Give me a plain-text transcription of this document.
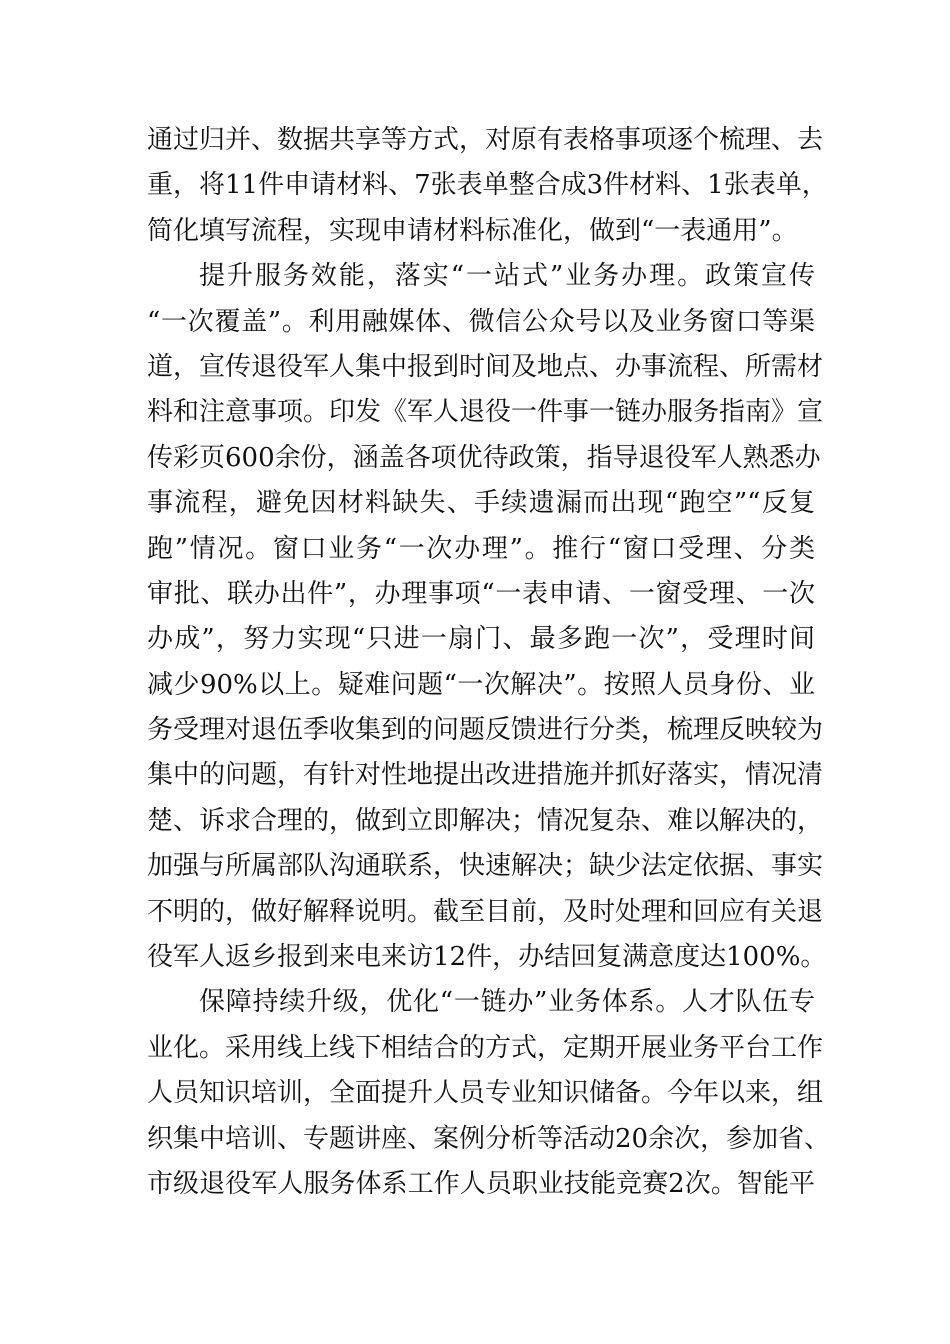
通过归并、数据共享等方式，对原有表格事项逐个梳理、去
重，将11件申请材料、7张表单整合成3件材料、1张表单，
简化填写流程，实现申请材料标准化，做到“一表通用”。
提升服务效能，落实“一站式”业务办理。政策宣传
“一次覆盖”。利用融媒体、微信公众号以及业务窗口等渠
道，宣传退役军人集中报到时间及地点、办事流程、所需材
料和注意事项。印发《军人退役一件事一链办服务指南》宣
传彩页600余份，涵盖各项优待政策，指导退役军人熟悉办
事流程，避免因材料缺失、手续遗漏而出现“跑空”“反复
跑”情况。窗口业务“一次办理”。推行“窗口受理、分类
审批、联办出件”，办理事项“一表申请、一窗受理、一次
办成”，努力实现“只进一扇门、最多跑一次”，受理时间
减少90%以上。疑难问题“一次解决”。按照人员身份、业
务受理对退伍季收集到的问题反馈进行分类，梳理反映较为
集中的问题，有针对性地提出改进措施并抓好落实，情况清
楚、诉求合理的，做到立即解决；情况复杂、难以解决的，
加强与所属部队沟通联系，快速解决；缺少法定依据、事实
不明的，做好解释说明。截至目前，及时处理和回应有关退
役军人返乡报到来电来访12件，办结回复满意度达100%。
保障持续升级，优化“一链办”业务体系。人才队伍专
业化。采用线上线下相结合的方式，定期开展业务平台工作
人员知识培训，全面提升人员专业知识储备。今年以来，组
织集中培训、专题讲座、案例分析等活动20余次，参加省、
市级退役军人服务体系工作人员职业技能竞赛2次。智能平
